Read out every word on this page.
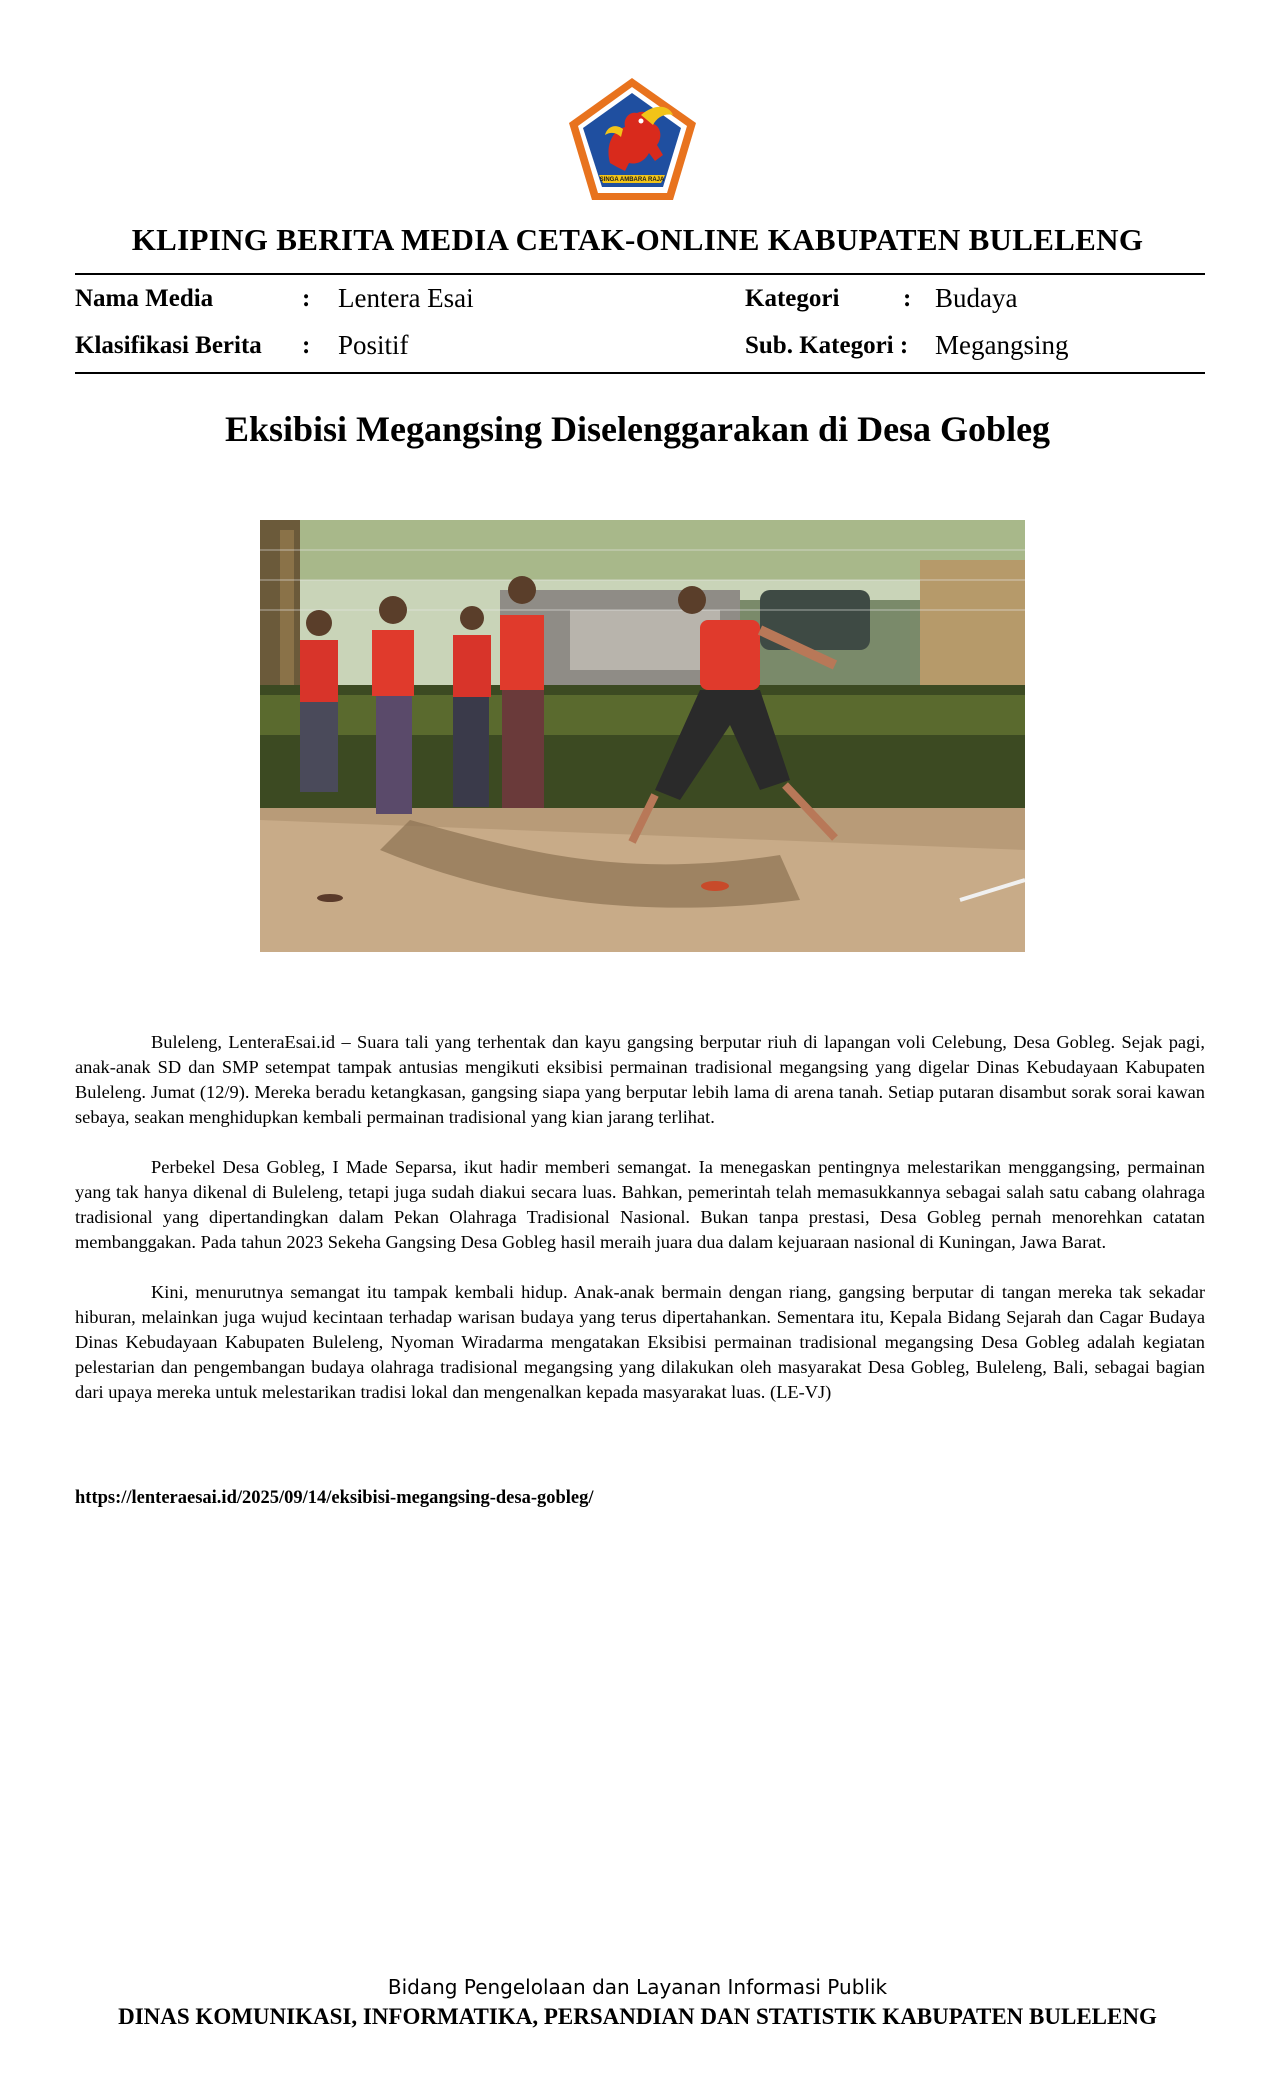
SINGA AMBARA RAJA
KLIPING BERITA MEDIA CETAK-ONLINE KABUPATEN BULELENG
Nama Media	: Lentera Esai
Klasifikasi Berita : Positif
Kategori	: Budaya
Sub. Kategori : Megangsing
Eksibisi Megangsing Diselenggarakan di Desa Gobleg

Buleleng, LenteraEsai.id – Suara tali yang terhentak dan kayu gangsing berputar riuh di lapangan voli Celebung, Desa Gobleg. Sejak pagi, anak-anak SD dan SMP setempat tampak antusias mengikuti eksibisi permainan tradisional megangsing yang digelar Dinas Kebudayaan Kabupaten Buleleng. Jumat (12/9). Mereka beradu ketangkasan, gangsing siapa yang berputar lebih lama di arena tanah. Setiap putaran disambut sorak sorai kawan sebaya, seakan menghidupkan kembali permainan tradisional yang kian jarang terlihat.

Perbekel Desa Gobleg, I Made Separsa, ikut hadir memberi semangat. Ia menegaskan pentingnya melestarikan menggangsing, permainan yang tak hanya dikenal di Buleleng, tetapi juga sudah diakui secara luas. Bahkan, pemerintah telah memasukkannya sebagai salah satu cabang olahraga tradisional yang dipertandingkan dalam Pekan Olahraga Tradisional Nasional. Bukan tanpa prestasi, Desa Gobleg pernah menorehkan catatan membanggakan. Pada tahun 2023 Sekeha Gangsing Desa Gobleg hasil meraih juara dua dalam kejuaraan nasional di Kuningan, Jawa Barat.

Kini, menurutnya semangat itu tampak kembali hidup. Anak-anak bermain dengan riang, gangsing berputar di tangan mereka tak sekadar hiburan, melainkan juga wujud kecintaan terhadap warisan budaya yang terus dipertahankan. Sementara itu, Kepala Bidang Sejarah dan Cagar Budaya Dinas Kebudayaan Kabupaten Buleleng, Nyoman Wiradarma mengatakan Eksibisi permainan tradisional megangsing Desa Gobleg adalah kegiatan pelestarian dan pengembangan budaya olahraga tradisional megangsing yang dilakukan oleh masyarakat Desa Gobleg, Buleleng, Bali, sebagai bagian dari upaya mereka untuk melestarikan tradisi lokal dan mengenalkan kepada masyarakat luas. (LE-VJ)

https://lenteraesai.id/2025/09/14/eksibisi-megangsing-desa-gobleg/
Bidang Pengelolaan dan Layanan Informasi Publik
DINAS KOMUNIKASI, INFORMATIKA, PERSANDIAN DAN STATISTIK KABUPATEN BULELENG
